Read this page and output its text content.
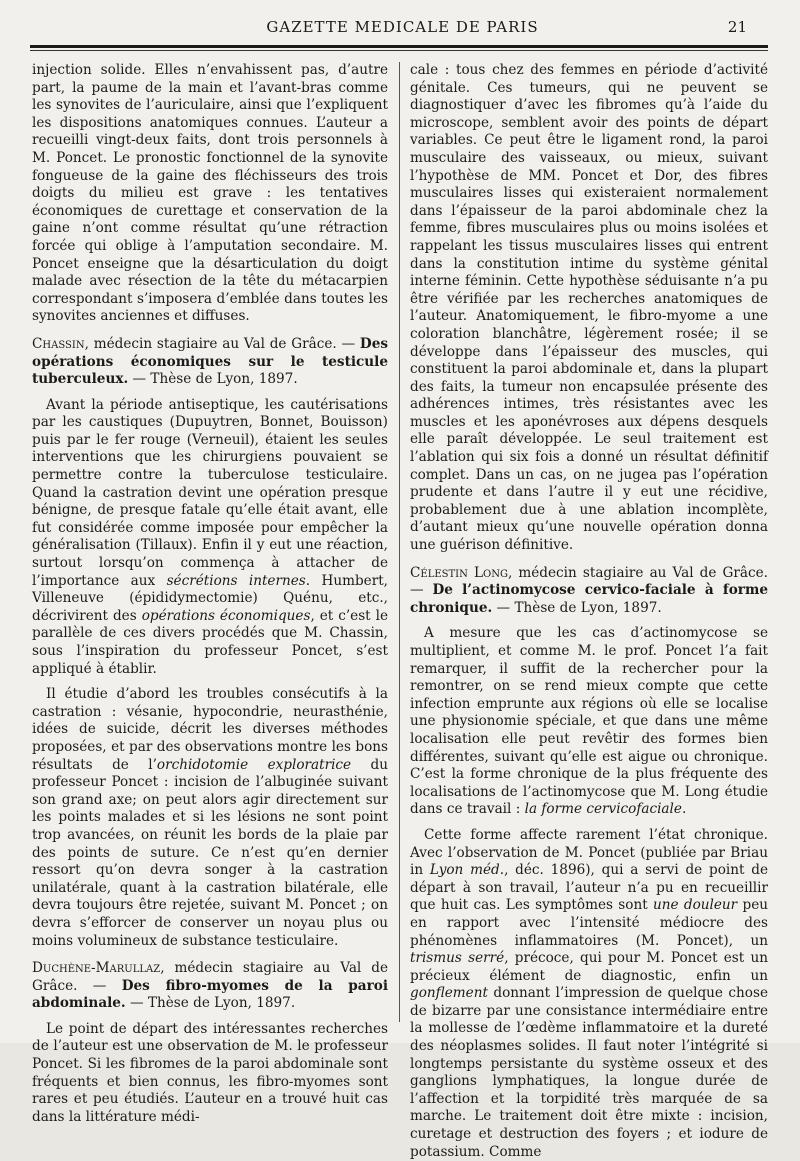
GAZETTE MEDICALE DE PARIS	21

injection solide. Elles n’envahissent pas, d’autre part, la paume de la main et l’avant-bras comme les synovites de l’auriculaire, ainsi que l’expliquent les dispositions anatomiques connues. L’auteur a recueilli vingt-deux faits, dont trois personnels à M. Poncet. Le pronostic fonctionnel de la synovite fongueuse de la gaine des fléchisseurs des trois doigts du milieu est grave : les tentatives économiques de curettage et conservation de la gaine n’ont comme résultat qu’une rétraction forcée qui oblige à l’amputation secondaire. M. Poncet enseigne que la désarticulation du doigt malade avec résection de la tête du métacarpien correspondant s’imposera d’emblée dans toutes les synovites anciennes et diffuses.

Chassin, médecin stagiaire au Val de Grâce. — Des opérations économiques sur le testicule tuberculeux. — Thèse de Lyon, 1897.

Avant la période antiseptique, les cautérisations par les caustiques (Dupuytren, Bonnet, Bouisson) puis par le fer rouge (Verneuil), étaient les seules interventions que les chirurgiens pouvaient se permettre contre la tuberculose testiculaire. Quand la castration devint une opération presque bénigne, de presque fatale qu’elle était avant, elle fut considérée comme imposée pour empêcher la généralisation (Tillaux). Enfin il y eut une réaction, surtout lorsqu’on commença à attacher de l’importance aux sécrétions internes. Humbert, Villeneuve (épididymectomie) Quénu, etc., décrivirent des opérations économiques, et c’est le parallèle de ces divers procédés que M. Chassin, sous l’inspiration du professeur Poncet, s’est appliqué à établir.

Il étudie d’abord les troubles consécutifs à la castration : vésanie, hypocondrie, neurasthénie, idées de suicide, décrit les diverses méthodes proposées, et par des observations montre les bons résultats de l’orchidotomie exploratrice du professeur Poncet : incision de l’albuginée suivant son grand axe; on peut alors agir directement sur les points malades et si les lésions ne sont point trop avancées, on réunit les bords de la plaie par des points de suture. Ce n’est qu’en dernier ressort qu’on devra songer à la castration unilatérale, quant à la castration bilatérale, elle devra toujours être rejetée, suivant M. Poncet ; on devra s’efforcer de conserver un noyau plus ou moins volumineux de substance testiculaire.

Duchène-Marullaz, médecin stagiaire au Val de Grâce. — Des fibro-myomes de la paroi abdominale. — Thèse de Lyon, 1897.

Le point de départ des intéressantes recherches de l’auteur est une observation de M. le professeur Poncet. Si les fibromes de la paroi abdominale sont fréquents et bien connus, les fibro-myomes sont rares et peu étudiés. L’auteur en a trouvé huit cas dans la littérature médi-

cale : tous chez des femmes en période d’activité génitale. Ces tumeurs, qui ne peuvent se diagnostiquer d’avec les fibromes qu’à l’aide du microscope, semblent avoir des points de départ variables. Ce peut être le ligament rond, la paroi musculaire des vaisseaux, ou mieux, suivant l’hypothèse de MM. Poncet et Dor, des fibres musculaires lisses qui existeraient normalement dans l’épaisseur de la paroi abdominale chez la femme, fibres musculaires plus ou moins isolées et rappelant les tissus musculaires lisses qui entrent dans la constitution intime du système génital interne féminin. Cette hypothèse séduisante n’a pu être vérifiée par les recherches anatomiques de l’auteur. Anatomiquement, le fibro-myome a une coloration blanchâtre, légèrement rosée; il se développe dans l’épaisseur des muscles, qui constituent la paroi abdominale et, dans la plupart des faits, la tumeur non encapsulée présente des adhérences intimes, très résistantes avec les muscles et les aponévroses aux dépens desquels elle paraît développée. Le seul traitement est l’ablation qui six fois a donné un résultat définitif complet. Dans un cas, on ne jugea pas l’opération prudente et dans l’autre il y eut une récidive, probablement due à une ablation incomplète, d’autant mieux qu’une nouvelle opération donna une guérison définitive.

Célestin Long, médecin stagiaire au Val de Grâce. — De l’actinomycose cervico-faciale à forme chronique. — Thèse de Lyon, 1897.

A mesure que les cas d’actinomycose se multiplient, et comme M. le prof. Poncet l’a fait remarquer, il suffit de la rechercher pour la remontrer, on se rend mieux compte que cette infection emprunte aux régions où elle se localise une physionomie spéciale, et que dans une même localisation elle peut revêtir des formes bien différentes, suivant qu’elle est aigue ou chronique. C’est la forme chronique de la plus fréquente des localisations de l’actinomycose que M. Long étudie dans ce travail : la forme cervicofaciale.

Cette forme affecte rarement l’état chronique. Avec l’observation de M. Poncet (publiée par Briau in Lyon méd., déc. 1896), qui a servi de point de départ à son travail, l’auteur n’a pu en recueillir que huit cas. Les symptômes sont une douleur peu en rapport avec l’intensité médiocre des phénomènes inflammatoires (M. Poncet), un trismus serré, précoce, qui pour M. Poncet est un précieux élément de diagnostic, enfin un gonflement donnant l’impression de quelque chose de bizarre par une consistance intermédiaire entre la mollesse de l’œdème inflammatoire et la dureté des néoplasmes solides. Il faut noter l’intégrité si longtemps persistante du système osseux et des ganglions lymphatiques, la longue durée de l’affection et la torpidité très marquée de sa marche. Le traitement doit être mixte : incision, curetage et destruction des foyers ; et iodure de potassium. Comme
